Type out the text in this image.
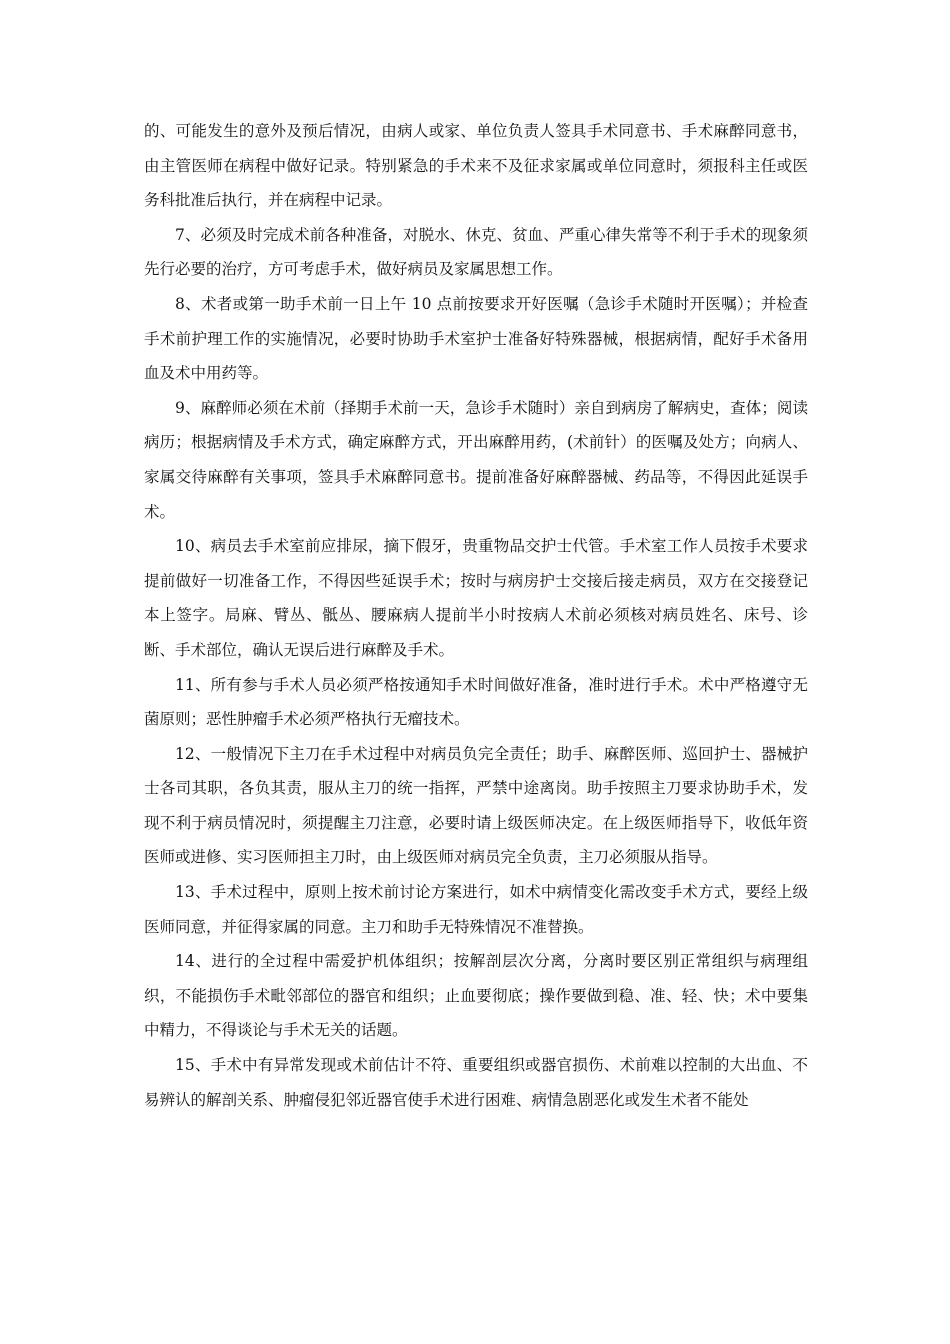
的、可能发生的意外及预后情况，由病人或家、单位负责人签具手术同意书、手术麻醉同意书，由主管医师在病程中做好记录。特别紧急的手术来不及征求家属或单位同意时，须报科主任或医务科批准后执行，并在病程中记录。

7、必须及时完成术前各种准备，对脱水、休克、贫血、严重心律失常等不利于手术的现象须先行必要的治疗，方可考虑手术，做好病员及家属思想工作。

8、术者或第一助手术前一日上午 10 点前按要求开好医嘱（急诊手术随时开医嘱）；并检查手术前护理工作的实施情况，必要时协助手术室护士准备好特殊器械，根据病情，配好手术备用血及术中用药等。

9、麻醉师必须在术前（择期手术前一天，急诊手术随时）亲自到病房了解病史，查体；阅读病历；根据病情及手术方式，确定麻醉方式，开出麻醉用药，(术前针）的医嘱及处方；向病人、家属交待麻醉有关事项，签具手术麻醉同意书。提前准备好麻醉器械、药品等，不得因此延误手术。

10、病员去手术室前应排尿，摘下假牙，贵重物品交护士代管。手术室工作人员按手术要求提前做好一切准备工作，不得因些延误手术；按时与病房护士交接后接走病员，双方在交接登记本上签字。局麻、臂丛、骶丛、腰麻病人提前半小时按病人术前必须核对病员姓名、床号、诊断、手术部位，确认无误后进行麻醉及手术。

11、所有参与手术人员必须严格按通知手术时间做好准备，准时进行手术。术中严格遵守无菌原则；恶性肿瘤手术必须严格执行无瘤技术。

12、一般情况下主刀在手术过程中对病员负完全责任；助手、麻醉医师、巡回护士、器械护士各司其职，各负其责，服从主刀的统一指挥，严禁中途离岗。助手按照主刀要求协助手术，发现不利于病员情况时，须提醒主刀注意，必要时请上级医师决定。在上级医师指导下，收低年资医师或进修、实习医师担主刀时，由上级医师对病员完全负责，主刀必须服从指导。

13、手术过程中，原则上按术前讨论方案进行，如术中病情变化需改变手术方式，要经上级医师同意，并征得家属的同意。主刀和助手无特殊情况不准替换。

14、进行的全过程中需爱护机体组织；按解剖层次分离，分离时要区别正常组织与病理组织，不能损伤手术毗邻部位的器官和组织；止血要彻底；操作要做到稳、准、轻、快；术中要集中精力，不得谈论与手术无关的话题。

15、手术中有异常发现或术前估计不符、重要组织或器官损伤、术前难以控制的大出血、不易辨认的解剖关系、肿瘤侵犯邻近器官使手术进行困难、病情急剧恶化或发生术者不能处
